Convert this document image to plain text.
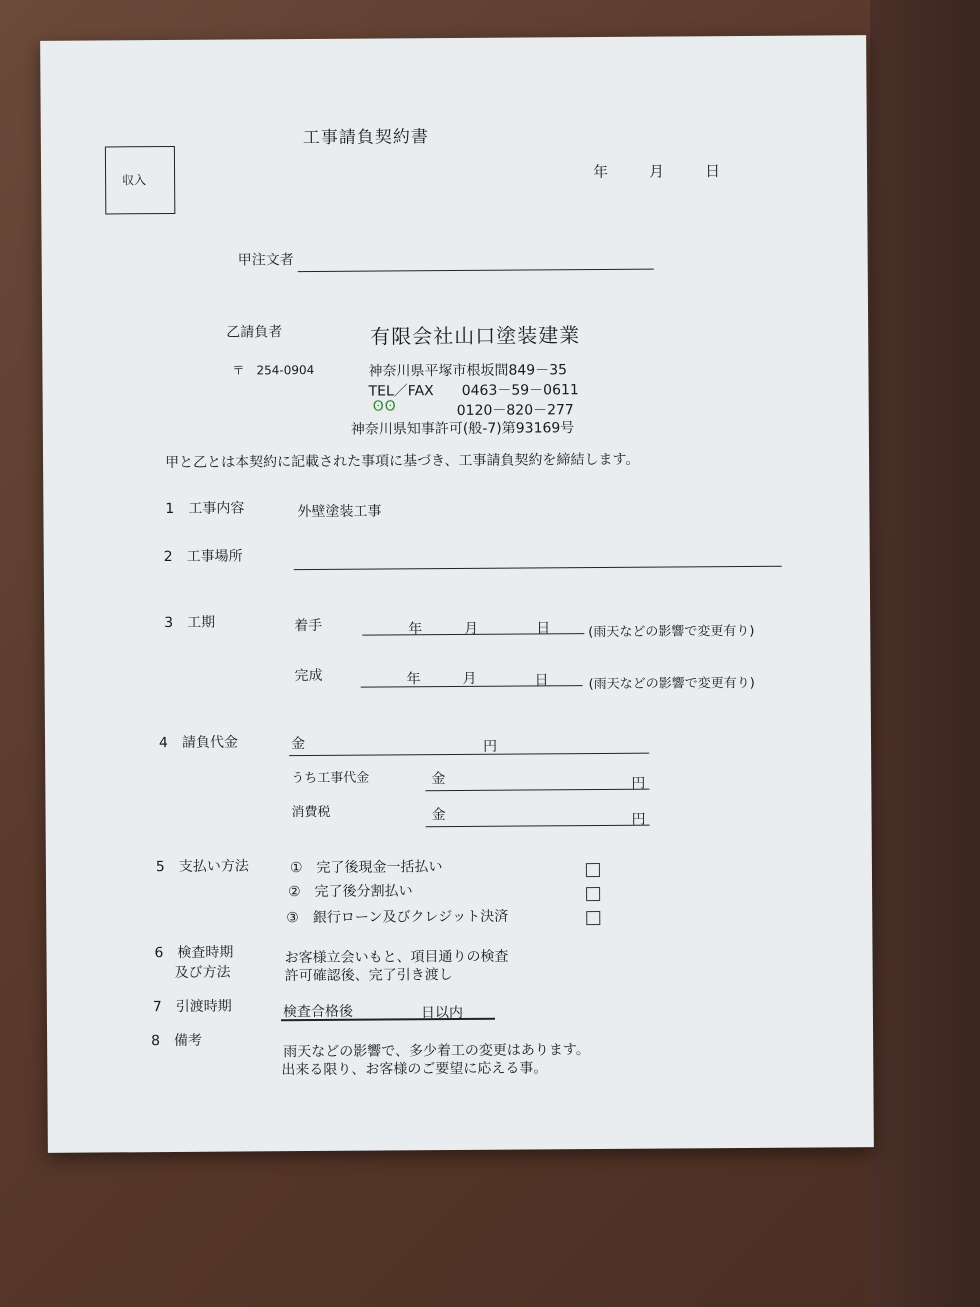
収入
工事請負契約書
年	月	日
甲注文者
乙請負者	有限会社山口塗装建業
〒　254-0904	神奈川県平塚市根坂間849－35
TEL／FAX　　0463－59－0611
ʘʘ	0120－820－277
神奈川県知事許可(般-7)第93169号
甲と乙とは本契約に記載された事項に基づき、工事請負契約を締結します。
1　工事内容	外壁塗装工事
2　工事場所
3　工期	着手	年	月	日	(雨天などの影響で変更有り)
完成	年	月	日	(雨天などの影響で変更有り)
4　請負代金	金	円
うち工事代金	金	円
消費税	金	円
5　支払い方法	①　完了後現金一括払い
②　完了後分割払い
③　銀行ローン及びクレジット決済
6　検査時期
及び方法
お客様立会いもと、項目通りの検査
許可確認後、完了引き渡し
7　引渡時期	検査合格後	日以内
8　備考
雨天などの影響で、多少着工の変更はあります。
出来る限り、お客様のご要望に応える事。
